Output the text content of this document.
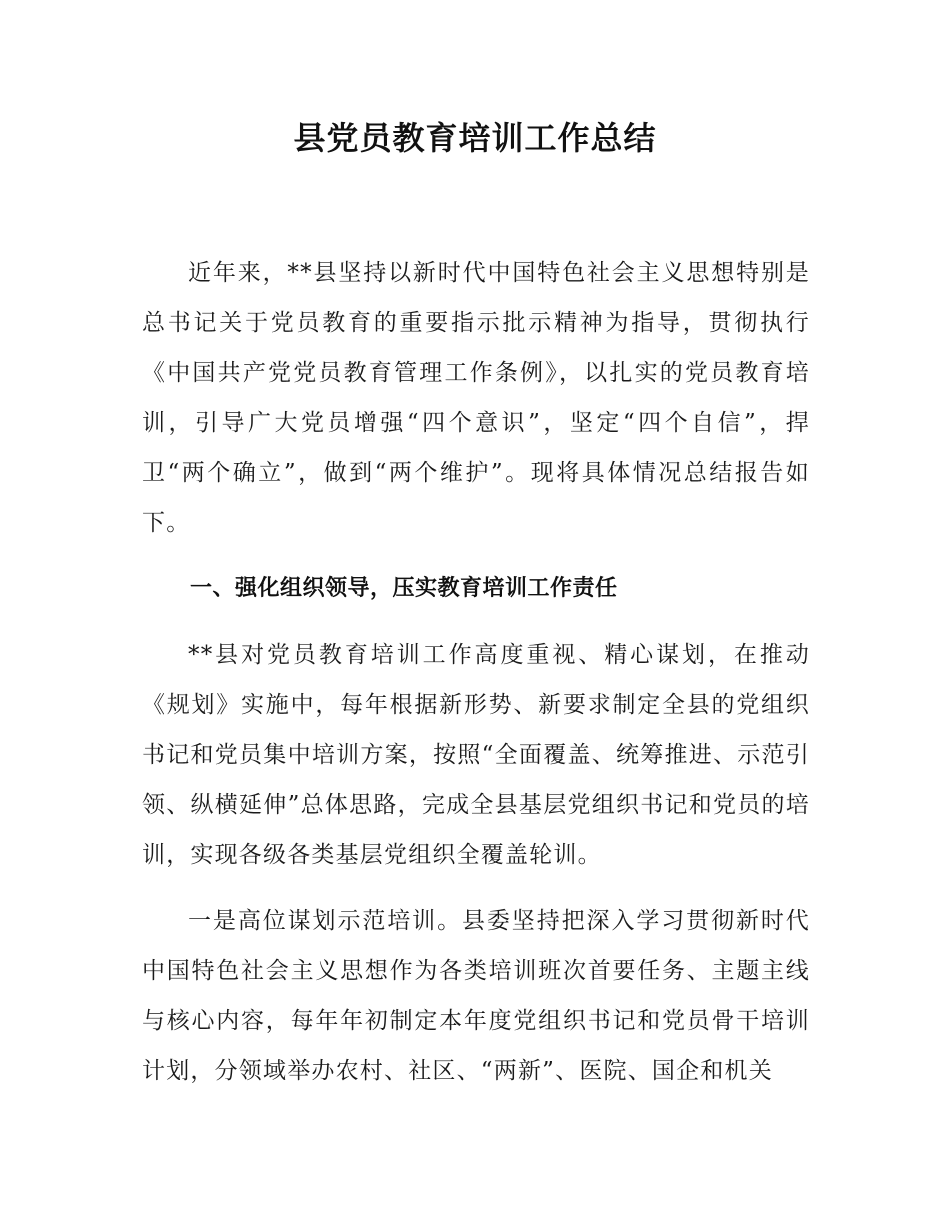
县党员教育培训工作总结

近年来，**县坚持以新时代中国特色社会主义思想特别是总书记关于党员教育的重要指示批示精神为指导，贯彻执行《中国共产党党员教育管理工作条例》，以扎实的党员教育培训，引导广大党员增强“四个意识”，坚定“四个自信”，捍卫“两个确立”，做到“两个维护”。现将具体情况总结报告如下。

一、强化组织领导，压实教育培训工作责任

**县对党员教育培训工作高度重视、精心谋划，在推动《规划》实施中，每年根据新形势、新要求制定全县的党组织书记和党员集中培训方案，按照“全面覆盖、统筹推进、示范引领、纵横延伸”总体思路，完成全县基层党组织书记和党员的培训，实现各级各类基层党组织全覆盖轮训。

一是高位谋划示范培训。县委坚持把深入学习贯彻新时代中国特色社会主义思想作为各类培训班次首要任务、主题主线与核心内容，每年年初制定本年度党组织书记和党员骨干培训计划，分领域举办农村、社区、“两新”、医院、国企和机关
